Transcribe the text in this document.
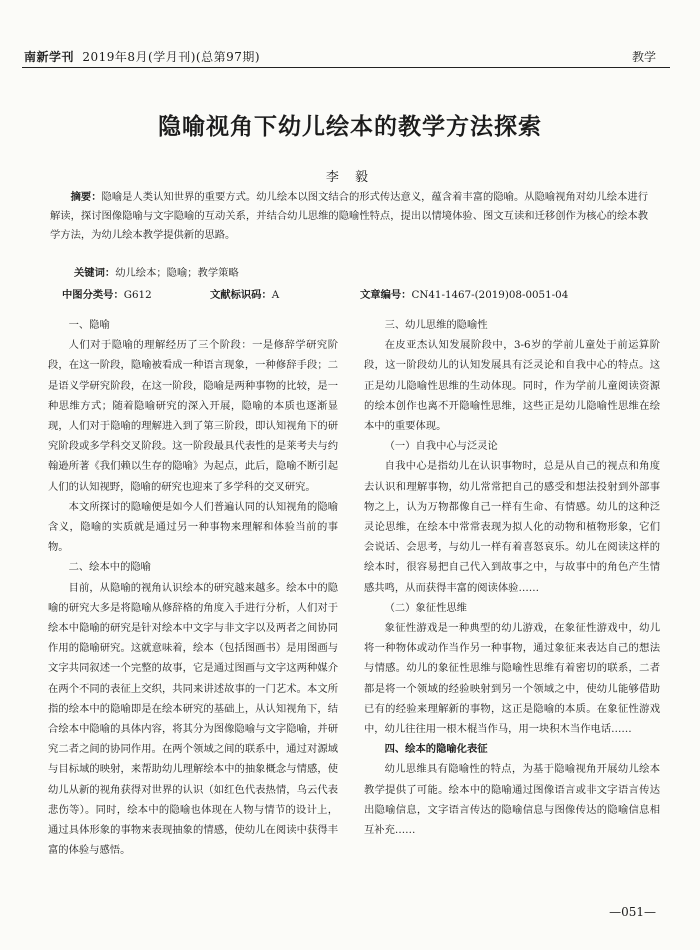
南新学刊 2019年8月(学月刊)(总第97期)	教学
隐喻视角下幼儿绘本的教学方法探索
李 毅
摘要：隐喻是人类认知世界的重要方式。幼儿绘本以图文结合的形式传达意义，蕴含着丰富的隐喻。从隐喻视角对幼儿绘本进行解读，探讨图像隐喻与文字隐喻的互动关系，并结合幼儿思维的隐喻性特点，提出以情境体验、图文互读和迁移创作为核心的绘本教学方法，为幼儿绘本教学提供新的思路。
关键词：幼儿绘本；隐喻；教学策略
中图分类号：G612	文献标识码：A	文章编号：CN41-1467-(2019)08-0051-04
一、隐喻

人们对于隐喻的理解经历了三个阶段：一是修辞学研究阶段，在这一阶段，隐喻被看成一种语言现象，一种修辞手段；二是语义学研究阶段，在这一阶段，隐喻是两种事物的比较，是一种思维方式；随着隐喻研究的深入开展，隐喻的本质也逐渐显现，人们对于隐喻的理解进入到了第三阶段，即认知视角下的研究阶段或多学科交叉阶段。这一阶段最具代表性的是莱考夫与约翰逊所著《我们赖以生存的隐喻》为起点，此后，隐喻不断引起人们的认知视野，隐喻的研究也迎来了多学科的交叉研究。

本文所探讨的隐喻便是如今人们普遍认同的认知视角的隐喻含义，隐喻的实质就是通过另一种事物来理解和体验当前的事物。

二、绘本中的隐喻

目前，从隐喻的视角认识绘本的研究越来越多。绘本中的隐喻的研究大多是将隐喻从修辞格的角度入手进行分析，人们对于绘本中隐喻的研究是针对绘本中文字与非文字以及两者之间协同作用的隐喻研究。这就意味着，绘本（包括图画书）是用图画与文字共同叙述一个完整的故事，它是通过图画与文字这两种媒介在两个不同的表征上交织，共同来讲述故事的一门艺术。本文所指的绘本中的隐喻即是在绘本研究的基础上，从认知视角下，结合绘本中隐喻的具体内容，将其分为图像隐喻与文字隐喻，并研究二者之间的协同作用。在两个领域之间的联系中，通过对源域与目标域的映射，来帮助幼儿理解绘本中的抽象概念与情感，使幼儿从新的视角获得对世界的认识（如红色代表热情，乌云代表悲伤等）。同时，绘本中的隐喻也体现在人物与情节的设计上，通过具体形象的事物来表现抽象的情感，使幼儿在阅读中获得丰富的体验与感悟。

三、幼儿思维的隐喻性

在皮亚杰认知发展阶段中，3-6岁的学前儿童处于前运算阶段，这一阶段幼儿的认知发展具有泛灵论和自我中心的特点。这正是幼儿隐喻性思维的生动体现。同时，作为学前儿童阅读资源的绘本创作也离不开隐喻性思维，这些正是幼儿隐喻性思维在绘本中的重要体现。

（一）自我中心与泛灵论

自我中心是指幼儿在认识事物时，总是从自己的视点和角度去认识和理解事物，幼儿常常把自己的感受和想法投射到外部事物之上，认为万物都像自己一样有生命、有情感。幼儿的这种泛灵论思维，在绘本中常常表现为拟人化的动物和植物形象，它们会说话、会思考，与幼儿一样有着喜怒哀乐。幼儿在阅读这样的绘本时，很容易把自己代入到故事之中，与故事中的角色产生情感共鸣，从而获得丰富的阅读体验……

（二）象征性思维

象征性游戏是一种典型的幼儿游戏，在象征性游戏中，幼儿将一种物体或动作当作另一种事物，通过象征来表达自己的想法与情感。幼儿的象征性思维与隐喻性思维有着密切的联系，二者都是将一个领域的经验映射到另一个领域之中，使幼儿能够借助已有的经验来理解新的事物，这正是隐喻的本质。在象征性游戏中，幼儿往往用一根木棍当作马，用一块积木当作电话……

四、绘本的隐喻化表征

幼儿思维具有隐喻性的特点，为基于隐喻视角开展幼儿绘本教学提供了可能。绘本中的隐喻通过图像语言或非文字语言传达出隐喻信息，文字语言传达的隐喻信息与图像传达的隐喻信息相互补充……

—051—
